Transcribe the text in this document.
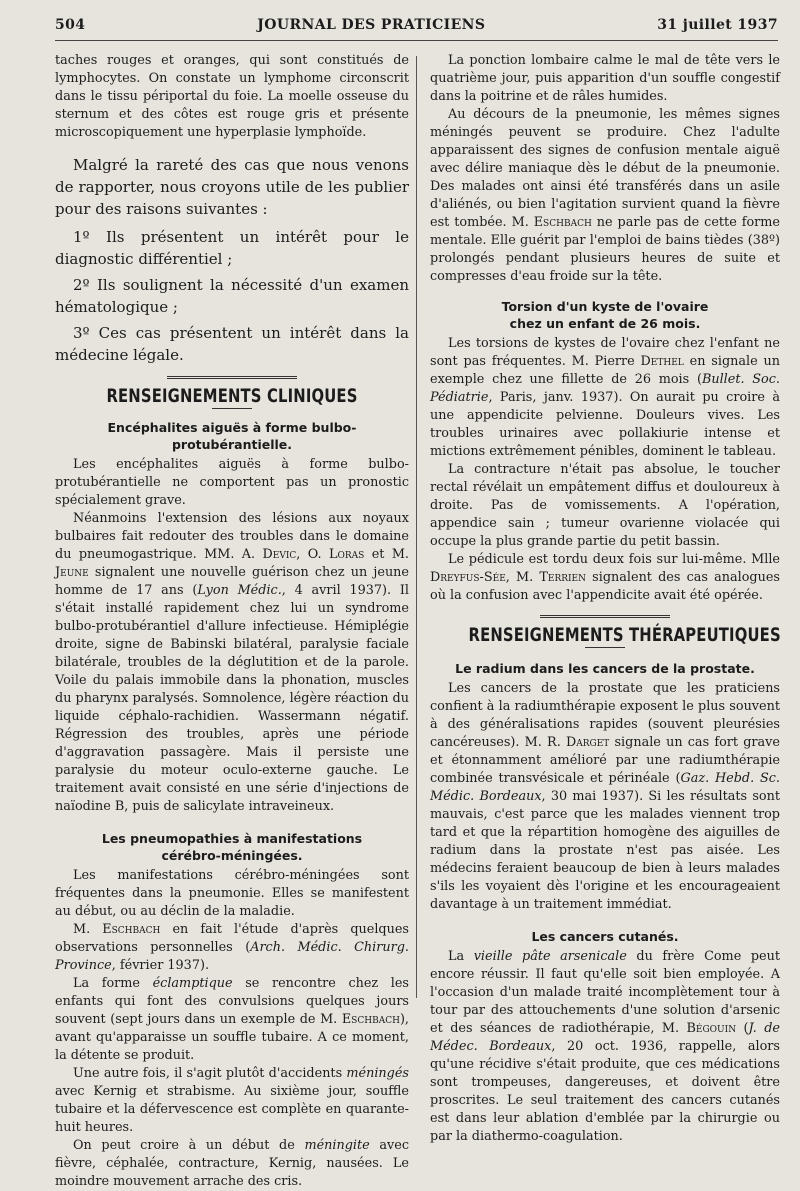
504	JOURNAL DES PRATICIENS	31 juillet 1937

taches rouges et oranges, qui sont constitués de lymphocytes. On constate un lymphome circonscrit dans le tissu périportal du foie. La moelle osseuse du sternum et des côtes est rouge gris et présente microscopiquement une hyperplasie lymphoïde.

Malgré la rareté des cas que nous venons de rapporter, nous croyons utile de les publier pour des raisons suivantes :

1º Ils présentent un intérêt pour le diagnostic différentiel ;

2º Ils soulignent la nécessité d'un examen hématologique ;

3º Ces cas présentent un intérêt dans la médecine légale.

RENSEIGNEMENTS CLINIQUES
Encéphalites aiguës à forme bulbo-protubérantielle.

Les encéphalites aiguës à forme bulbo-protubérantielle ne comportent pas un pronostic spécialement grave.

Néanmoins l'extension des lésions aux noyaux bulbaires fait redouter des troubles dans le domaine du pneumogastrique. MM. A. Devic, O. Loras et M. Jeune signalent une nouvelle guérison chez un jeune homme de 17 ans (Lyon Médic., 4 avril 1937). Il s'était installé rapidement chez lui un syndrome bulbo-protubérantiel d'allure infectieuse. Hémiplégie droite, signe de Babinski bilatéral, paralysie faciale bilatérale, troubles de la déglutition et de la parole. Voile du palais immobile dans la phonation, muscles du pharynx paralysés. Somnolence, légère réaction du liquide céphalo-rachidien. Wassermann négatif. Régression des troubles, après une période d'aggravation passagère. Mais il persiste une paralysie du moteur oculo-externe gauche. Le traitement avait consisté en une série d'injections de naïodine B, puis de salicylate intraveineux.

Les pneumopathies à manifestations
cérébro-méningées.

Les manifestations cérébro-méningées sont fréquentes dans la pneumonie. Elles se manifestent au début, ou au déclin de la maladie.

M. Eschbach en fait l'étude d'après quelques observations personnelles (Arch. Médic. Chirurg. Province, février 1937).

La forme éclamptique se rencontre chez les enfants qui font des convulsions quelques jours souvent (sept jours dans un exemple de M. Eschbach), avant qu'apparaisse un souffle tubaire. A ce moment, la détente se produit.

Une autre fois, il s'agit plutôt d'accidents méningés avec Kernig et strabisme. Au sixième jour, souffle tubaire et la défervescence est complète en quarante-huit heures.

On peut croire à un début de méningite avec fièvre, céphalée, contracture, Kernig, nausées. Le moindre mouvement arrache des cris.

La ponction lombaire calme le mal de tête vers le quatrième jour, puis apparition d'un souffle congestif dans la poitrine et de râles humides.

Au décours de la pneumonie, les mêmes signes méningés peuvent se produire. Chez l'adulte apparaissent des signes de confusion mentale aiguë avec délire maniaque dès le début de la pneumonie. Des malades ont ainsi été transférés dans un asile d'aliénés, ou bien l'agitation survient quand la fièvre est tombée. M. Eschbach ne parle pas de cette forme mentale. Elle guérit par l'emploi de bains tièdes (38º) prolongés pendant plusieurs heures de suite et compresses d'eau froide sur la tête.

Torsion d'un kyste de l'ovaire
chez un enfant de 26 mois.

Les torsions de kystes de l'ovaire chez l'enfant ne sont pas fréquentes. M. Pierre Dethel en signale un exemple chez une fillette de 26 mois (Bullet. Soc. Pédiatrie, Paris, janv. 1937). On aurait pu croire à une appendicite pelvienne. Douleurs vives. Les troubles urinaires avec pollakiurie intense et mictions extrêmement pénibles, dominent le tableau.

La contracture n'était pas absolue, le toucher rectal révélait un empâtement diffus et douloureux à droite. Pas de vomissements. A l'opération, appendice sain ; tumeur ovarienne violacée qui occupe la plus grande partie du petit bassin.

Le pédicule est tordu deux fois sur lui-même. Mlle Dreyfus-Sée, M. Terrien signalent des cas analogues où la confusion avec l'appendicite avait été opérée.

RENSEIGNEMENTS THÉRAPEUTIQUES
Le radium dans les cancers de la prostate.

Les cancers de la prostate que les praticiens confient à la radiumthérapie exposent le plus souvent à des généralisations rapides (souvent pleurésies cancéreuses). M. R. Darget signale un cas fort grave et étonnamment amélioré par une radiumthérapie combinée transvésicale et périnéale (Gaz. Hebd. Sc. Médic. Bordeaux, 30 mai 1937). Si les résultats sont mauvais, c'est parce que les malades viennent trop tard et que la répartition homogène des aiguilles de radium dans la prostate n'est pas aisée. Les médecins feraient beaucoup de bien à leurs malades s'ils les voyaient dès l'origine et les encourageaient davantage à un traitement immédiat.

Les cancers cutanés.

La vieille pâte arsenicale du frère Come peut encore réussir. Il faut qu'elle soit bien employée. A l'occasion d'un malade traité incomplètement tour à tour par des attouchements d'une solution d'arsenic et des séances de radiothérapie, M. Bégouin (J. de Médec. Bordeaux, 20 oct. 1936, rappelle, alors qu'une récidive s'était produite, que ces médications sont trompeuses, dangereuses, et doivent être proscrites. Le seul traitement des cancers cutanés est dans leur ablation d'emblée par la chirurgie ou par la diathermo-coagulation.
